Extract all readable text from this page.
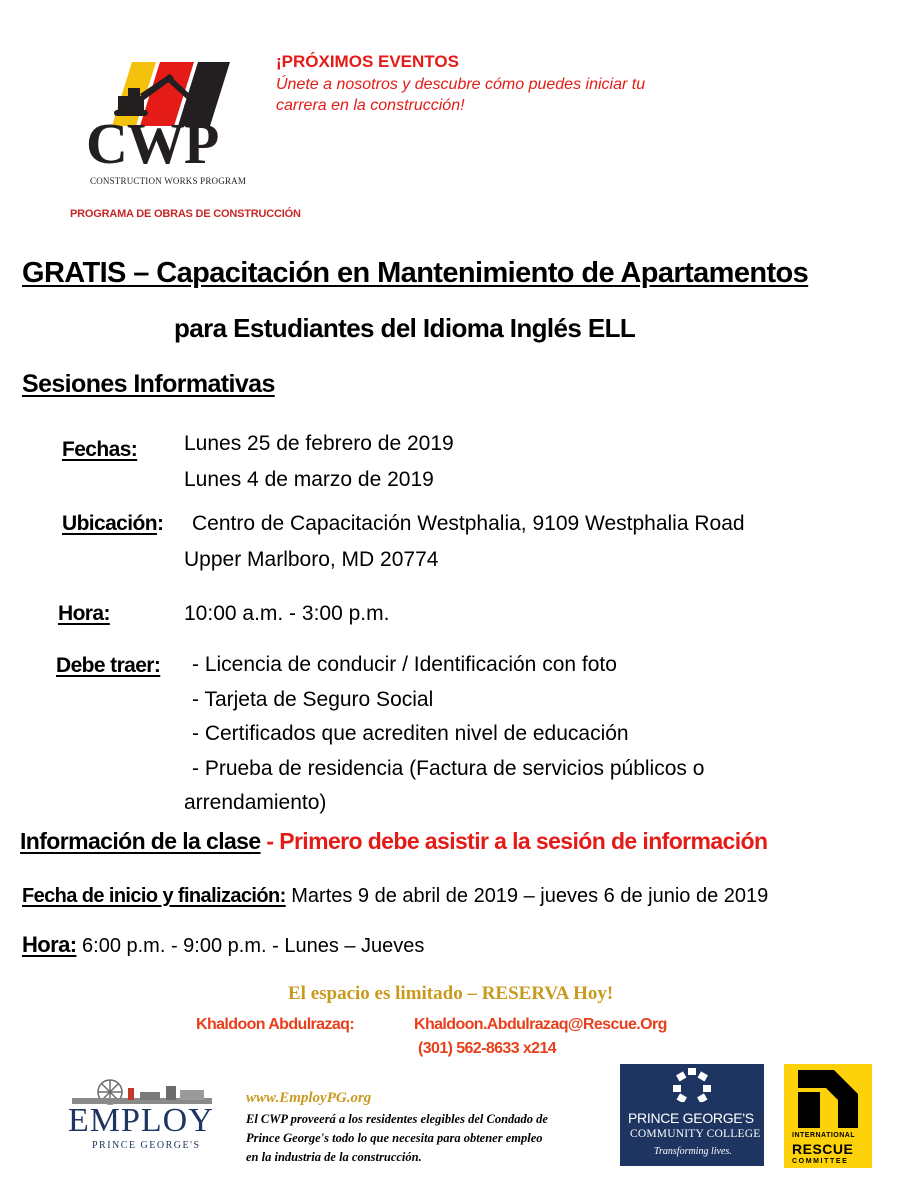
CWP
CONSTRUCTION WORKS PROGRAM
PROGRAMA DE OBRAS DE CONSTRUCCIÓN
¡PRÓXIMOS EVENTOS
Únete a nosotros y descubre cómo puedes iniciar tu
carrera en la construcción!
GRATIS – Capacitación en Mantenimiento de Apartamentos
para Estudiantes del Idioma Inglés ELL
Sesiones Informativas
Fechas: Lunes 25 de febrero de 2019
Lunes 4 de marzo de 2019
Ubicación: Centro de Capacitación Westphalia, 9109 Westphalia Road
Upper Marlboro, MD 20774
Hora:	10:00 a.m. - 3:00 p.m.
Debe traer: - Licencia de conducir / Identificación con foto
- Tarjeta de Seguro Social
- Certificados que acrediten nivel de educación
- Prueba de residencia (Factura de servicios públicos o
arrendamiento)
Información de la clase - Primero debe asistir a la sesión de información
Fecha de inicio y finalización: Martes 9 de abril de 2019 – jueves 6 de junio de 2019
Hora: 6:00 p.m. - 9:00 p.m. - Lunes – Jueves
El espacio es limitado – RESERVA Hoy!
Khaldoon Abdulrazaq:	Khaldoon.Abdulrazaq@Rescue.Org
(301) 562-8633 x214
EMPLOY
PRINCE GEORGE'S
www.EmployPG.org
El CWP proveerá a los residentes elegibles del Condado de
Prince George's todo lo que necesita para obtener empleo
en la industria de la construcción.
PRINCE GEORGE'S
COMMUNITY COLLEGE
Transforming lives.
INTERNATIONAL
RESCUE
COMMITTEE
